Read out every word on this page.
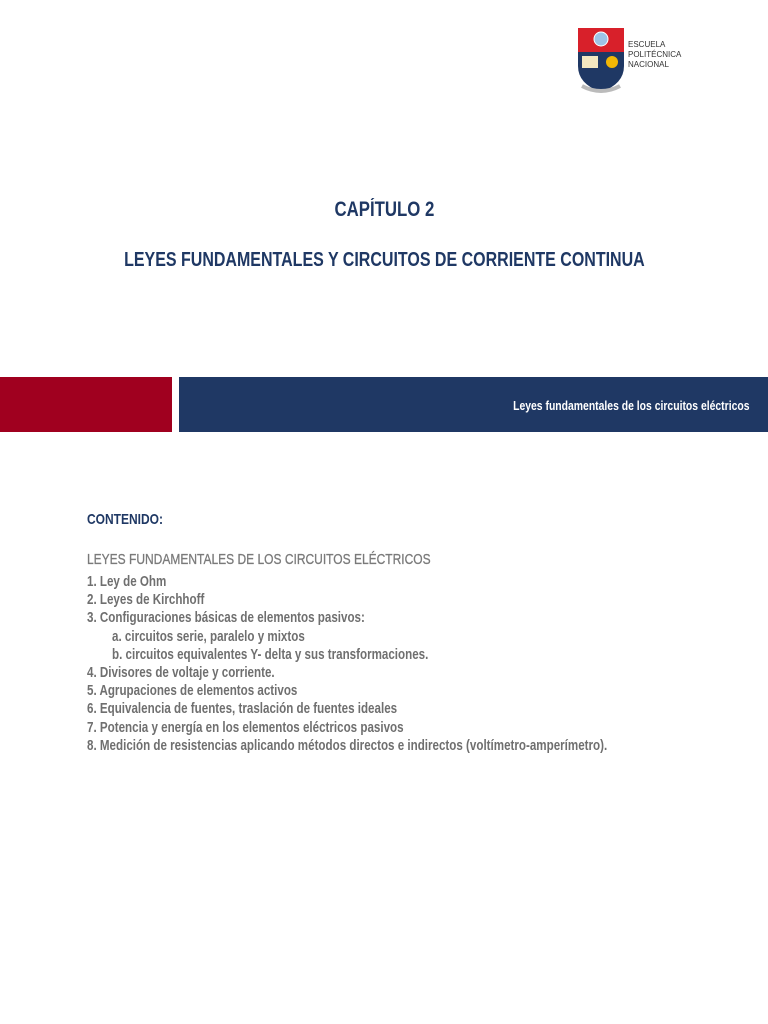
ESCUELA
POLITÉCNICA
NACIONAL
CAPÍTULO 2
LEYES FUNDAMENTALES Y CIRCUITOS DE CORRIENTE CONTINUA
Leyes fundamentales de los circuitos eléctricos
CONTENIDO:
LEYES FUNDAMENTALES DE LOS CIRCUITOS ELÉCTRICOS
1. Ley de Ohm
2. Leyes de Kirchhoff
3. Configuraciones básicas de elementos pasivos:
a. circuitos serie, paralelo y mixtos
b. circuitos equivalentes Y- delta y sus transformaciones.
4. Divisores de voltaje y corriente.
5. Agrupaciones de elementos activos
6. Equivalencia de fuentes, traslación de fuentes ideales
7. Potencia y energía en los elementos eléctricos pasivos
8. Medición de resistencias aplicando métodos directos e indirectos (voltímetro-amperímetro).
